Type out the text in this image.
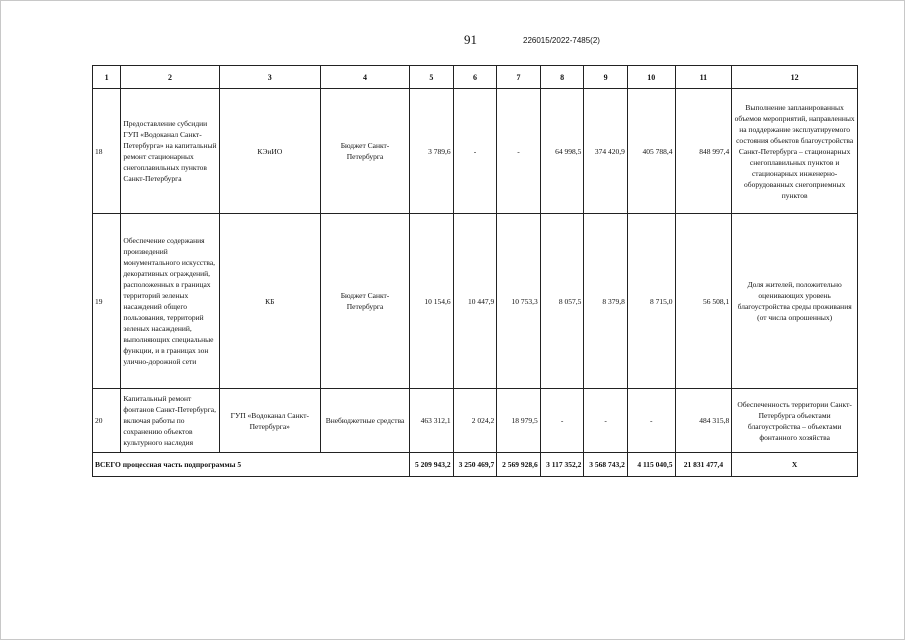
91	226015/2022-7485(2)
1	2	3	4	5	6	7	8	9	10	11	12
18	Предоставление субсидии ГУП «Водоканал Санкт-Петербурга» на капитальный ремонт стационарных снегоплавильных пунктов Санкт-Петербурга	КЭиИО	Бюджет Санкт-Петербурга	3 789,6	-	-	64 998,5	374 420,9	405 788,4	848 997,4	Выполнение запланированных объемов мероприятий, направленных на поддержание эксплуатируемого состояния объектов благоустройства Санкт-Петербурга – стационарных снегоплавильных пунктов и стационарных инженерно-оборудованных снегоприемных пунктов
19	Обеспечение содержания произведений монументального искусства, декоративных ограждений, расположенных в границах территорий зеленых насаждений общего пользования, территорий зеленых насаждений, выполняющих специальные функции, и в границах зон улично-дорожной сети	КБ	Бюджет Санкт-Петербурга	10 154,6	10 447,9	10 753,3	8 057,5	8 379,8	8 715,0	56 508,1	Доля жителей, положительно оценивающих уровень благоустройства среды проживания (от числа опрошенных)
20	Капитальный ремонт фонтанов Санкт-Петербурга, включая работы по сохранению объектов культурного наследия	ГУП «Водоканал Санкт-Петербурга»	Внебюджетные средства	463 312,1	2 024,2	18 979,5	-	-	-	484 315,8	Обеспеченность территории Санкт-Петербурга объектами благоустройства – объектами фонтанного хозяйства
ВСЕГО процессная часть подпрограммы 5				5 209 943,2	3 250 469,7	2 569 928,6	3 117 352,2	3 568 743,2	4 115 040,5	21 831 477,4	Х
